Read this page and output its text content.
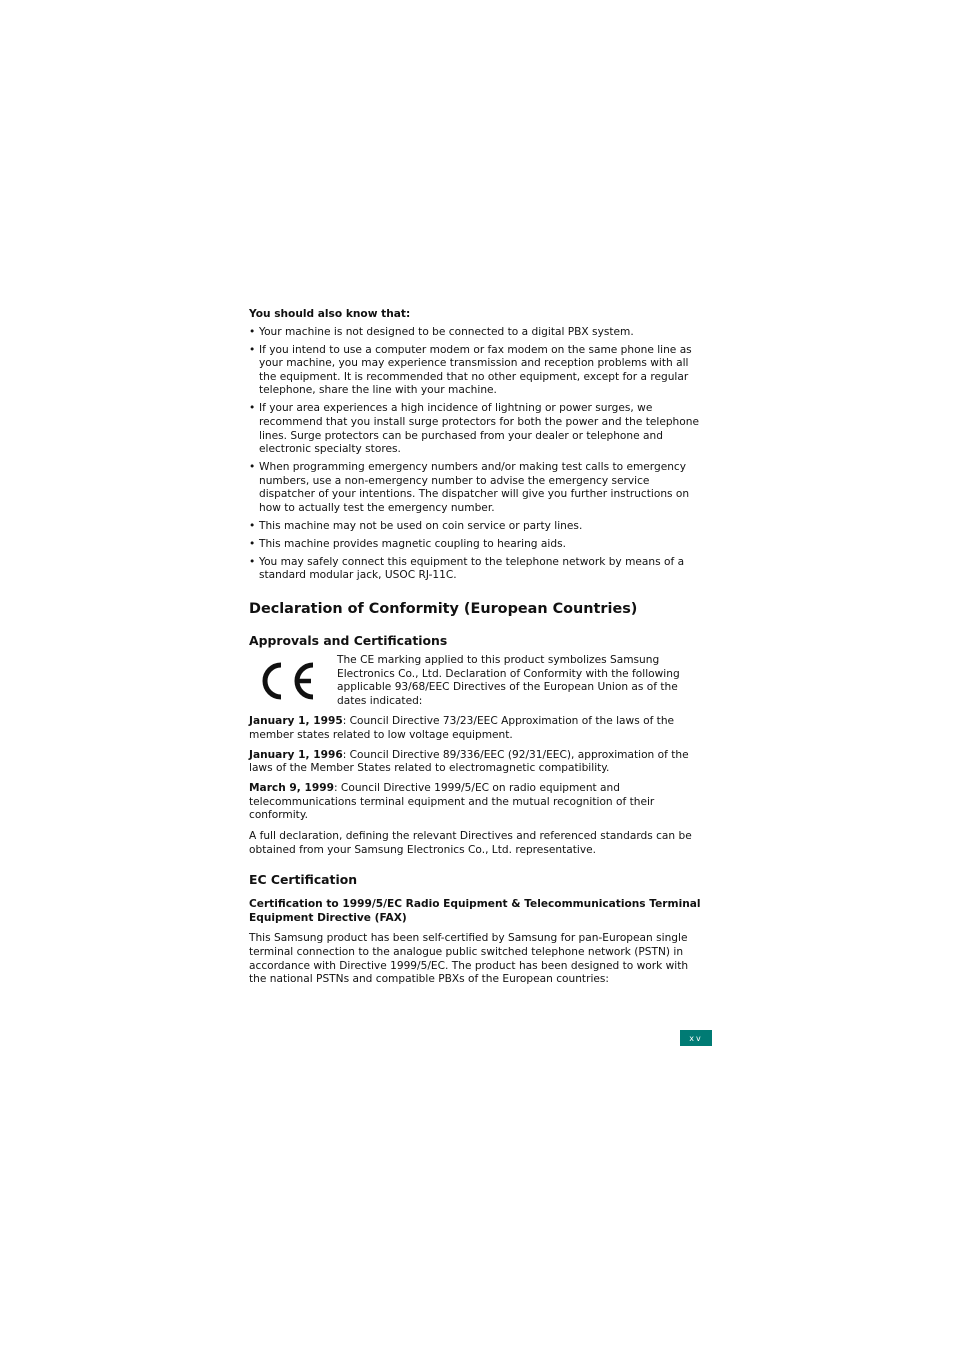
You should also know that:

• Your machine is not designed to be connected to a digital PBX system.
• If you intend to use a computer modem or fax modem on the same phone line as your machine, you may experience transmission and reception problems with all the equipment. It is recommended that no other equipment, except for a regular telephone, share the line with your machine.
• If your area experiences a high incidence of lightning or power surges, we recommend that you install surge protectors for both the power and the telephone lines. Surge protectors can be purchased from your dealer or telephone and electronic specialty stores.
• When programming emergency numbers and/or making test calls to emergency numbers, use a non-emergency number to advise the emergency service dispatcher of your intentions. The dispatcher will give you further instructions on how to actually test the emergency number.
• This machine may not be used on coin service or party lines.
• This machine provides magnetic coupling to hearing aids.
• You may safely connect this equipment to the telephone network by means of a standard modular jack, USOC RJ-11C.
Declaration of Conformity (European Countries)
Approvals and Certifications

The CE marking applied to this product symbolizes Samsung Electronics Co., Ltd. Declaration of Conformity with the following applicable 93/68/EEC Directives of the European Union as of the dates indicated:

January 1, 1995: Council Directive 73/23/EEC Approximation of the laws of the member states related to low voltage equipment.

January 1, 1996: Council Directive 89/336/EEC (92/31/EEC), approximation of the laws of the Member States related to electromagnetic compatibility.

March 9, 1999: Council Directive 1999/5/EC on radio equipment and telecommunications terminal equipment and the mutual recognition of their conformity.

A full declaration, defining the relevant Directives and referenced standards can be obtained from your Samsung Electronics Co., Ltd. representative.

EC Certification
Certification to 1999/5/EC Radio Equipment & Telecommunications Terminal Equipment Directive (FAX)

This Samsung product has been self-certified by Samsung for pan-European single terminal connection to the analogue public switched telephone network (PSTN) in accordance with Directive 1999/5/EC. The product has been designed to work with the national PSTNs and compatible PBXs of the European countries:

xv
